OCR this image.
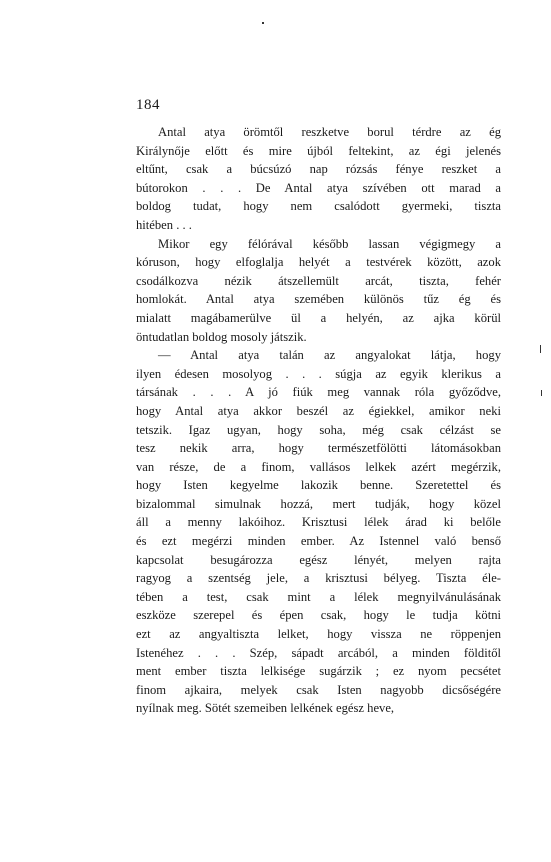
184
Antal atya örömtől reszketve borul térdre az ég
Királynője előtt és mire újból feltekint, az égi jelenés
eltűnt, csak a búcsúzó nap rózsás fénye reszket a
bútorokon . . . De Antal atya szívében ott marad a
boldog tudat, hogy nem csalódott gyermeki, tiszta
hitében . . .
Mikor egy félórával később lassan végigmegy a
kóruson, hogy elfoglalja helyét a testvérek között, azok
csodálkozva nézik átszellemült arcát, tiszta, fehér
homlokát. Antal atya szemében különös tűz ég és
mialatt magábamerülve ül a helyén, az ajka körül
öntudatlan boldog mosoly játszik.
— Antal atya talán az angyalokat látja, hogy
ilyen édesen mosolyog . . . súgja az egyik klerikus a
társának . . . A jó fiúk meg vannak róla győződve,
hogy Antal atya akkor beszél az égiekkel, amikor neki
tetszik. Igaz ugyan, hogy soha, még csak célzást se
tesz nekik arra, hogy természetfölötti látomásokban
van része, de a finom, vallásos lelkek azért megérzik,
hogy Isten kegyelme lakozik benne. Szeretettel és
bizalommal simulnak hozzá, mert tudják, hogy közel
áll a menny lakóihoz. Krisztusi lélek árad ki belőle
és ezt megérzi minden ember. Az Istennel való benső
kapcsolat besugározza egész lényét, melyen rajta
ragyog a szentség jele, a krisztusi bélyeg. Tiszta éle-
tében a test, csak mint a lélek megnyilvánulásának
eszköze szerepel és épen csak, hogy le tudja kötni
ezt az angyaltiszta lelket, hogy vissza ne röppenjen
Istenéhez . . . Szép, sápadt arcából, a minden földitől
ment ember tiszta lelkisége sugárzik ; ez nyom pecsétet
finom ajkaira, melyek csak Isten nagyobb dicsőségére
nyílnak meg. Sötét szemeiben lelkének egész heve,
